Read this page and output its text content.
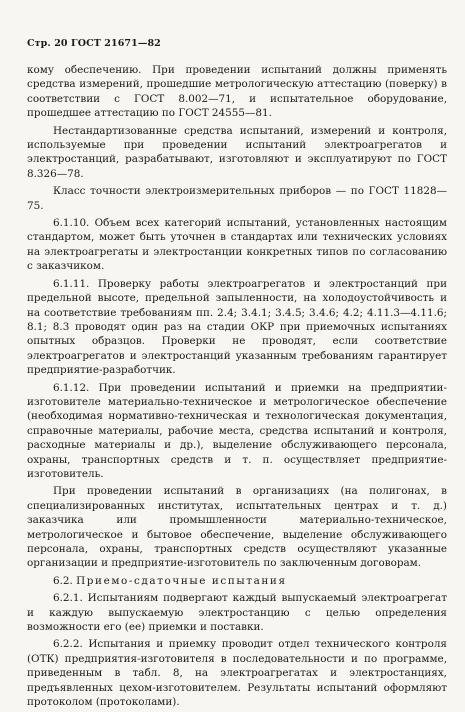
Стр. 20 ГОСТ 21671—82

кому обеспечению. При проведении испытаний должны применять средства измерений, прошедшие метрологическую аттестацию (поверку) в соответствии с ГОСТ 8.002—71, и испытательное оборудование, прошедшее аттестацию по ГОСТ 24555—81.

Нестандартизованные средства испытаний, измерений и контроля, используемые при проведении испытаний электроагрегатов и электростанций, разрабатывают, изготовляют и эксплуатируют по ГОСТ 8.326—78.

Класс точности электроизмерительных приборов — по ГОСТ 11828—75.

6.1.10. Объем всех категорий испытаний, установленных настоящим стандартом, может быть уточнен в стандартах или технических условиях на электроагрегаты и электростанции конкретных типов по согласованию с заказчиком.

6.1.11. Проверку работы электроагрегатов и электростанций при предельной высоте, предельной запыленности, на холодоустойчивость и на соответствие требованиям пп. 2.4; 3.4.1; 3.4.5; 3.4.6; 4.2; 4.11.3—4.11.6; 8.1; 8.3 проводят один раз на стадии ОКР при приемочных испытаниях опытных образцов. Проверки не проводят, если соответствие электроагрегатов и электростанций указанным требованиям гарантирует предприятие-разработчик.

6.1.12. При проведении испытаний и приемки на предприятии-изготовителе материально-техническое и метрологическое обеспечение (необходимая нормативно-техническая и технологическая документация, справочные материалы, рабочие места, средства испытаний и контроля, расходные материалы и др.), выделение обслуживающего персонала, охраны, транспортных средств и т. п. осуществляет предприятие-изготовитель.

При проведении испытаний в организациях (на полигонах, в специализированных институтах, испытательных центрах и т. д.) заказчика или промышленности материально-техническое, метрологическое и бытовое обеспечение, выделение обслуживающего персонала, охраны, транспортных средств осуществляют указанные организации и предприятие-изготовитель по заключенным договорам.

6.2. Приемо-сдаточные испытания

6.2.1. Испытаниям подвергают каждый выпускаемый электроагрегат и каждую выпускаемую электростанцию с целью определения возможности его (ее) приемки и поставки.

6.2.2. Испытания и приемку проводит отдел технического контроля (ОТК) предприятия-изготовителя в последовательности и по программе, приведенным в табл. 8, на электроагрегатах и электростанциях, предъявленных цехом-изготовителем. Результаты испытаний оформляют протоколом (протоколами).
